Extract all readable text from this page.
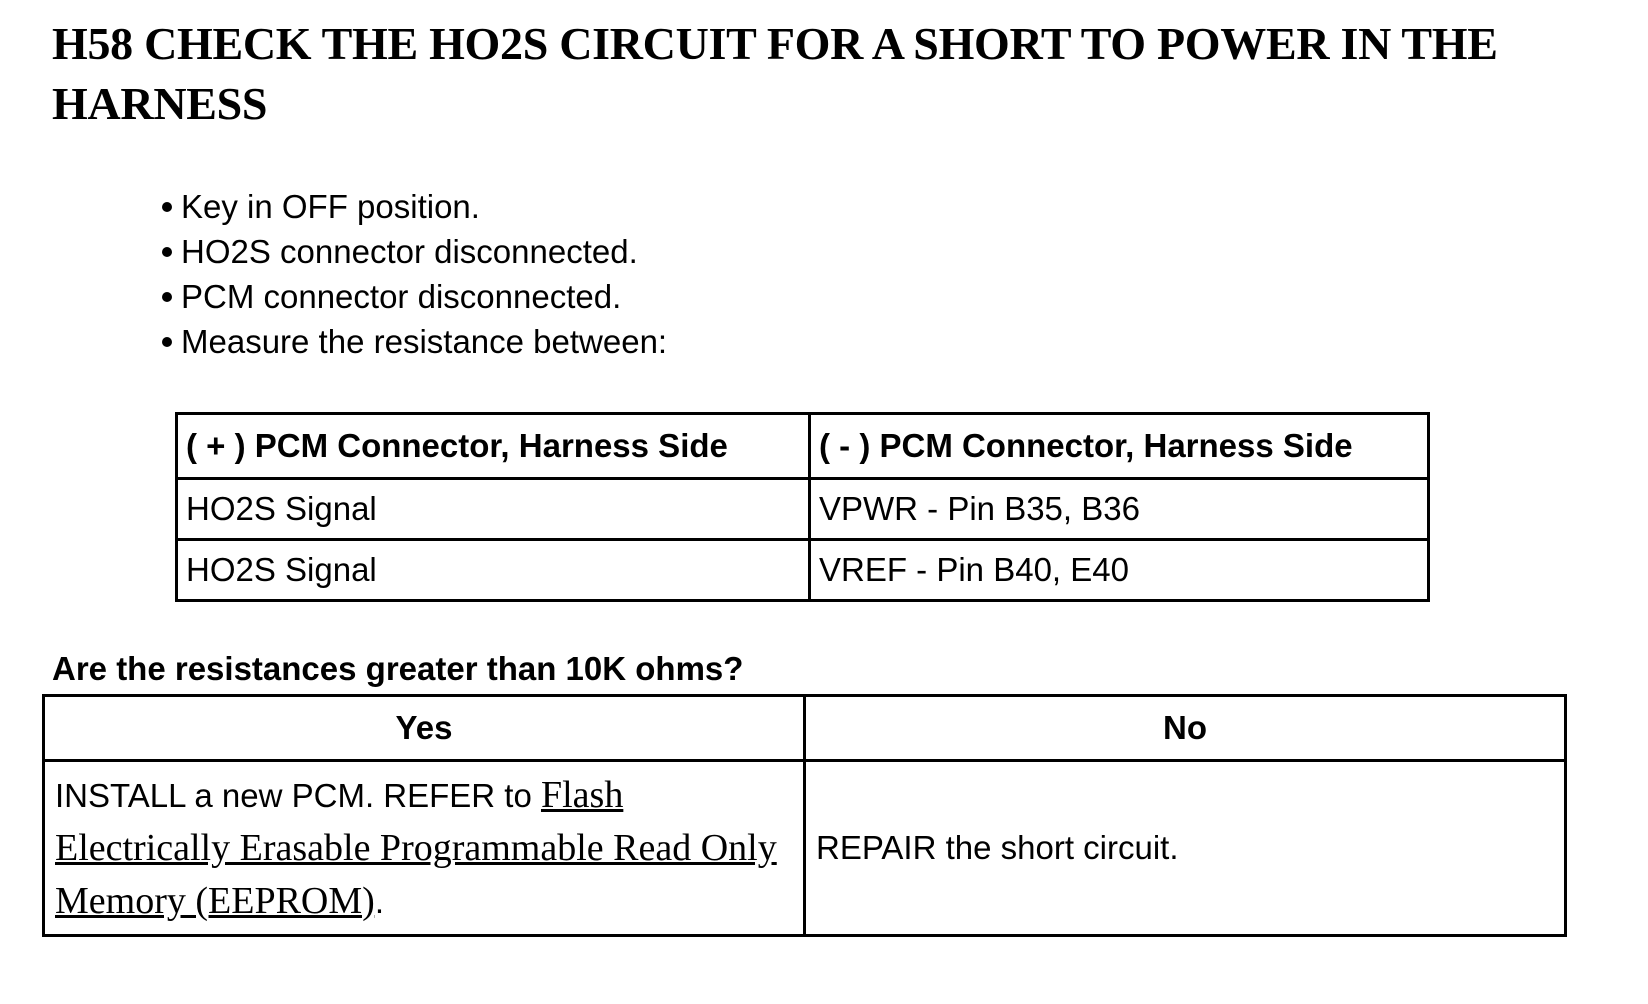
H58 CHECK THE HO2S CIRCUIT FOR A SHORT TO POWER IN THE HARNESS
Key in OFF position.
HO2S connector disconnected.
PCM connector disconnected.
Measure the resistance between:
( + ) PCM Connector, Harness Side	( - ) PCM Connector, Harness Side
HO2S Signal	VPWR - Pin B35, B36
HO2S Signal	VREF - Pin B40, E40
Are the resistances greater than 10K ohms?
Yes	No

INSTALL a new PCM. REFER to Flash Electrically Erasable Programmable Read Only Memory (EEPROM).	REPAIR the short circuit.
